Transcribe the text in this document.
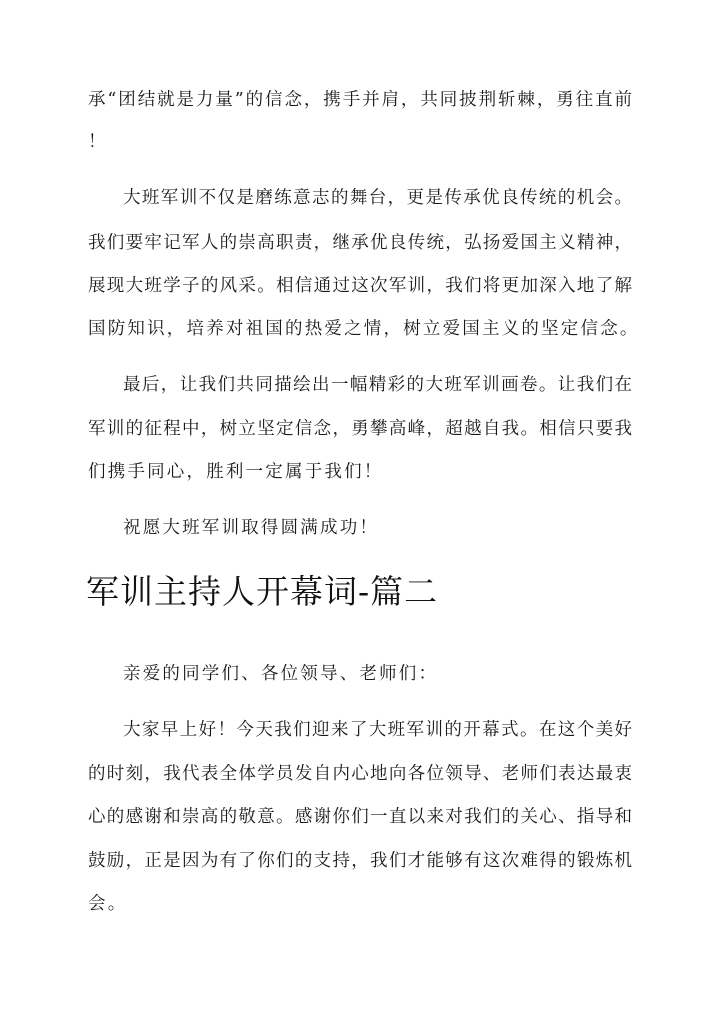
承“团结就是力量”的信念，携手并肩，共同披荆斩棘，勇往直前
！
大班军训不仅是磨练意志的舞台，更是传承优良传统的机会。
我们要牢记军人的崇高职责，继承优良传统，弘扬爱国主义精神，
展现大班学子的风采。相信通过这次军训，我们将更加深入地了解
国防知识，培养对祖国的热爱之情，树立爱国主义的坚定信念。
最后，让我们共同描绘出一幅精彩的大班军训画卷。让我们在
军训的征程中，树立坚定信念，勇攀高峰，超越自我。相信只要我
们携手同心，胜利一定属于我们！
祝愿大班军训取得圆满成功！
军训主持人开幕词-篇二
亲爱的同学们、各位领导、老师们：
大家早上好！今天我们迎来了大班军训的开幕式。在这个美好
的时刻，我代表全体学员发自内心地向各位领导、老师们表达最衷
心的感谢和崇高的敬意。感谢你们一直以来对我们的关心、指导和
鼓励，正是因为有了你们的支持，我们才能够有这次难得的锻炼机
会。
